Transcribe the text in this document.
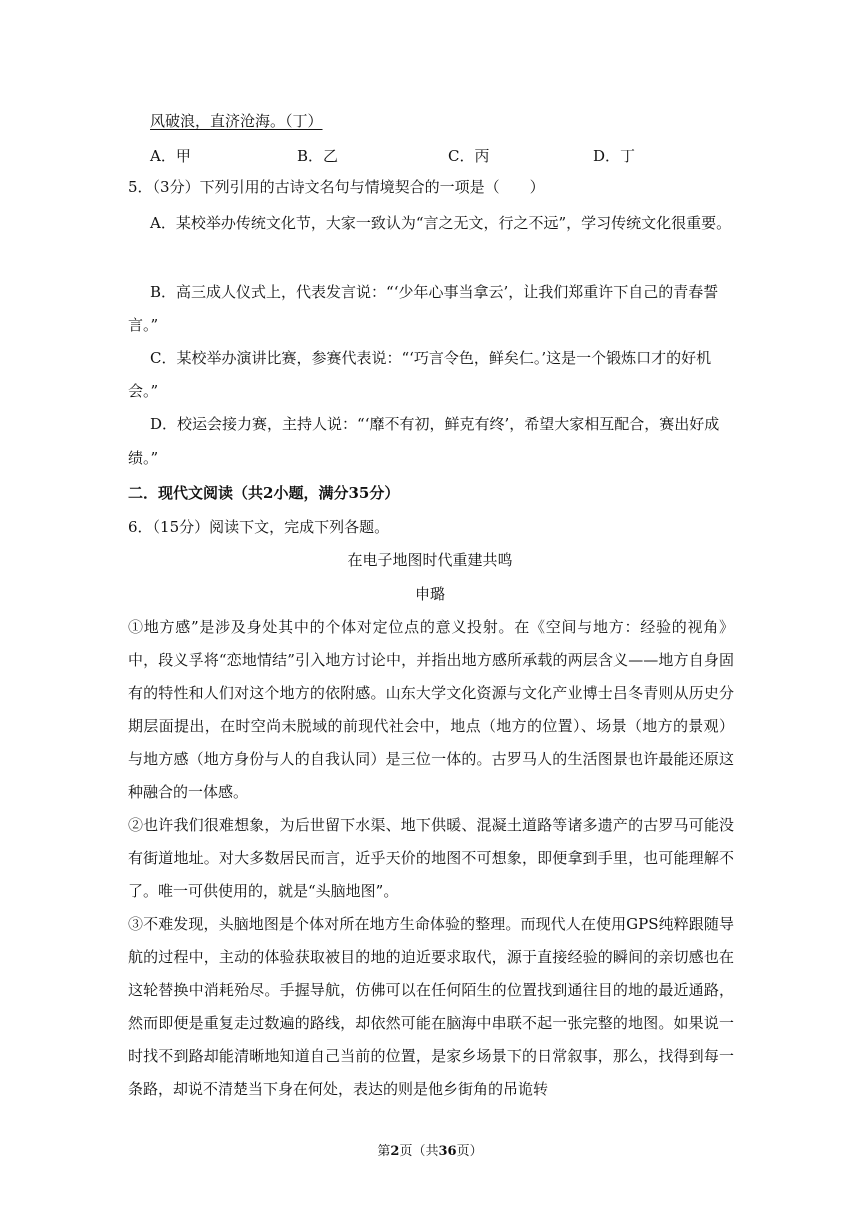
风破浪，直济沧海。（丁）
A．甲	B．乙	C．丙	D．丁
5．（3分）下列引用的古诗文名句与情境契合的一项是（　　）
A．某校举办传统文化节，大家一致认为“言之无文，行之不远”，学习传统文化很重要。
B．高三成人仪式上，代表发言说：“‘少年心事当拿云’，让我们郑重许下自己的青春誓
言。”
C．某校举办演讲比赛，参赛代表说：“‘巧言令色，鲜矣仁。’这是一个锻炼口才的好机
会。”
D．校运会接力赛，主持人说：“‘靡不有初，鲜克有终’，希望大家相互配合，赛出好成
绩。”
二．现代文阅读（共2小题，满分35分）
6．（15分）阅读下文，完成下列各题。
在电子地图时代重建共鸣
申璐

①地方感”是涉及身处其中的个体对定位点的意义投射。在《空间与地方：经验的视角》中，段义孚将“恋地情结”引入地方讨论中，并指出地方感所承载的两层含义——地方自身固有的特性和人们对这个地方的依附感。山东大学文化资源与文化产业博士吕冬青则从历史分期层面提出，在时空尚未脱域的前现代社会中，地点（地方的位置）、场景（地方的景观）与地方感（地方身份与人的自我认同）是三位一体的。古罗马人的生活图景也许最能还原这种融合的一体感。

②也许我们很难想象，为后世留下水渠、地下供暖、混凝土道路等诸多遗产的古罗马可能没有街道地址。对大多数居民而言，近乎天价的地图不可想象，即便拿到手里，也可能理解不了。唯一可供使用的，就是“头脑地图”。

③不难发现，头脑地图是个体对所在地方生命体验的整理。而现代人在使用GPS纯粹跟随导航的过程中，主动的体验获取被目的地的迫近要求取代，源于直接经验的瞬间的亲切感也在这轮替换中消耗殆尽。手握导航，仿佛可以在任何陌生的位置找到通往目的地的最近通路，然而即便是重复走过数遍的路线，却依然可能在脑海中串联不起一张完整的地图。如果说一时找不到路却能清晰地知道自己当前的位置，是家乡场景下的日常叙事，那么，找得到每一条路，却说不清楚当下身在何处，表达的则是他乡街角的吊诡转

第2页（共36页）
